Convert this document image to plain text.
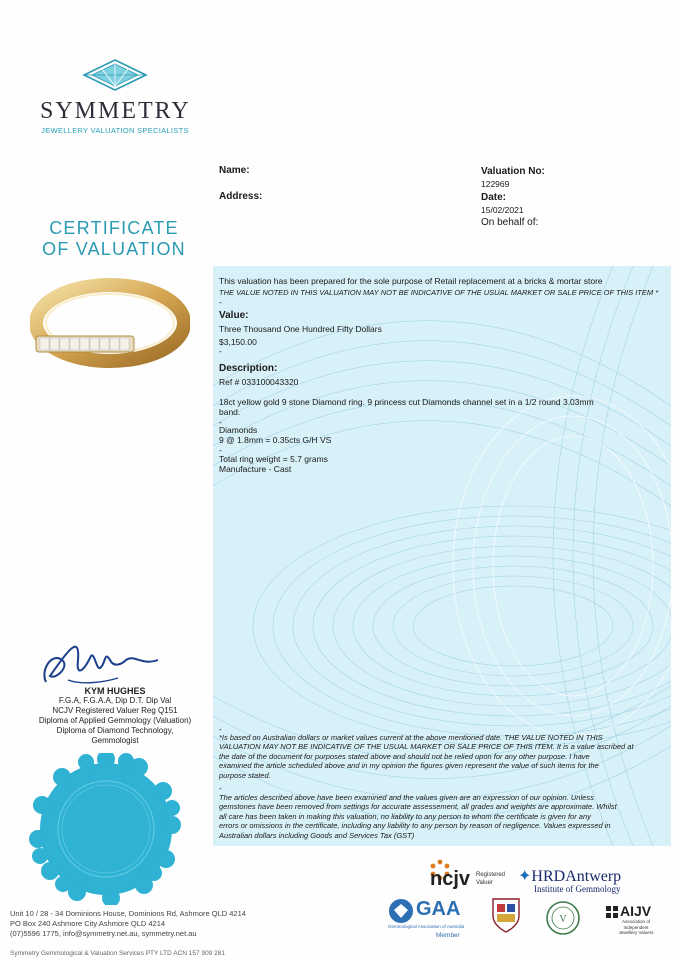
SYMMETRY
JEWELLERY VALUATION SPECIALISTS
CERTIFICATE
OF VALUATION
Name:
Address:
Valuation No:
122969
Date:
15/02/2021
On behalf of:
This valuation has been prepared for the sole purpose of Retail replacement at a bricks & mortar store
THE VALUE NOTED IN THIS VALUATION MAY NOT BE INDICATIVE OF THE USUAL MARKET OR SALE PRICE OF THIS ITEM *
-
Value:
Three Thousand One Hundred Fifty Dollars
$3,150.00
-
Description:
Ref # 033100043320
18ct yellow gold 9 stone Diamond ring. 9 princess cut Diamonds channel set in a 1/2 round 3.03mm
band.
-
Diamonds
9 @ 1.8mm = 0.35cts G/H VS
-
Total ring weight = 5.7 grams
Manufacture - Cast
-
*Is based on Australian dollars or market values current at the above mentioned date. THE VALUE NOTED IN THIS
VALUATION MAY NOT BE INDICATIVE OF THE USUAL MARKET OR SALE PRICE OF THIS ITEM. It is a value ascribed at
the date of the document for purposes stated above and should not be relied upon for any other purpose. I have
examined the article scheduled above and in my opinion the figures given represent the value of such items for the
purpose stated.
-
The articles described above have been examined and the values given are an expression of our opinion. Unless
gemstones have been removed from settings for accurate assessement, all grades and weights are approximate. Whilst
all care has been taken in making this valuation, no liability to any person to whom the certificate is given for any
errors or omissions in the certificate, including any liability to any person by reason of negligence. Values expressed in
Australian dollars including Goods and Services Tax (GST)
KYM HUGHES
F.G.A, F.G.A.A, Dip D.T. Dip Val
NCJV Registered Valuer Reg Q151
Diploma of Applied Gemmology (Valuation)
Diploma of Diamond Technology,
Gemmologist
ncjv Registered
Valuer ✦HRDAntwerp
Institute of Gemmology
GAA
Gemmological Association of Australia
Member
V
AIJV
Association of
Independent
Jewellery Valuers
Unit 10 / 28 - 34 Dominions House, Dominions Rd, Ashmore QLD 4214
PO Box 240 Ashmore City Ashmore QLD 4214
(07)5596 1775, info@symmetry.net.au, symmetry.net.au
Symmetry Gemmological & Valuation Services PTY LTD ACN 157 909 281
